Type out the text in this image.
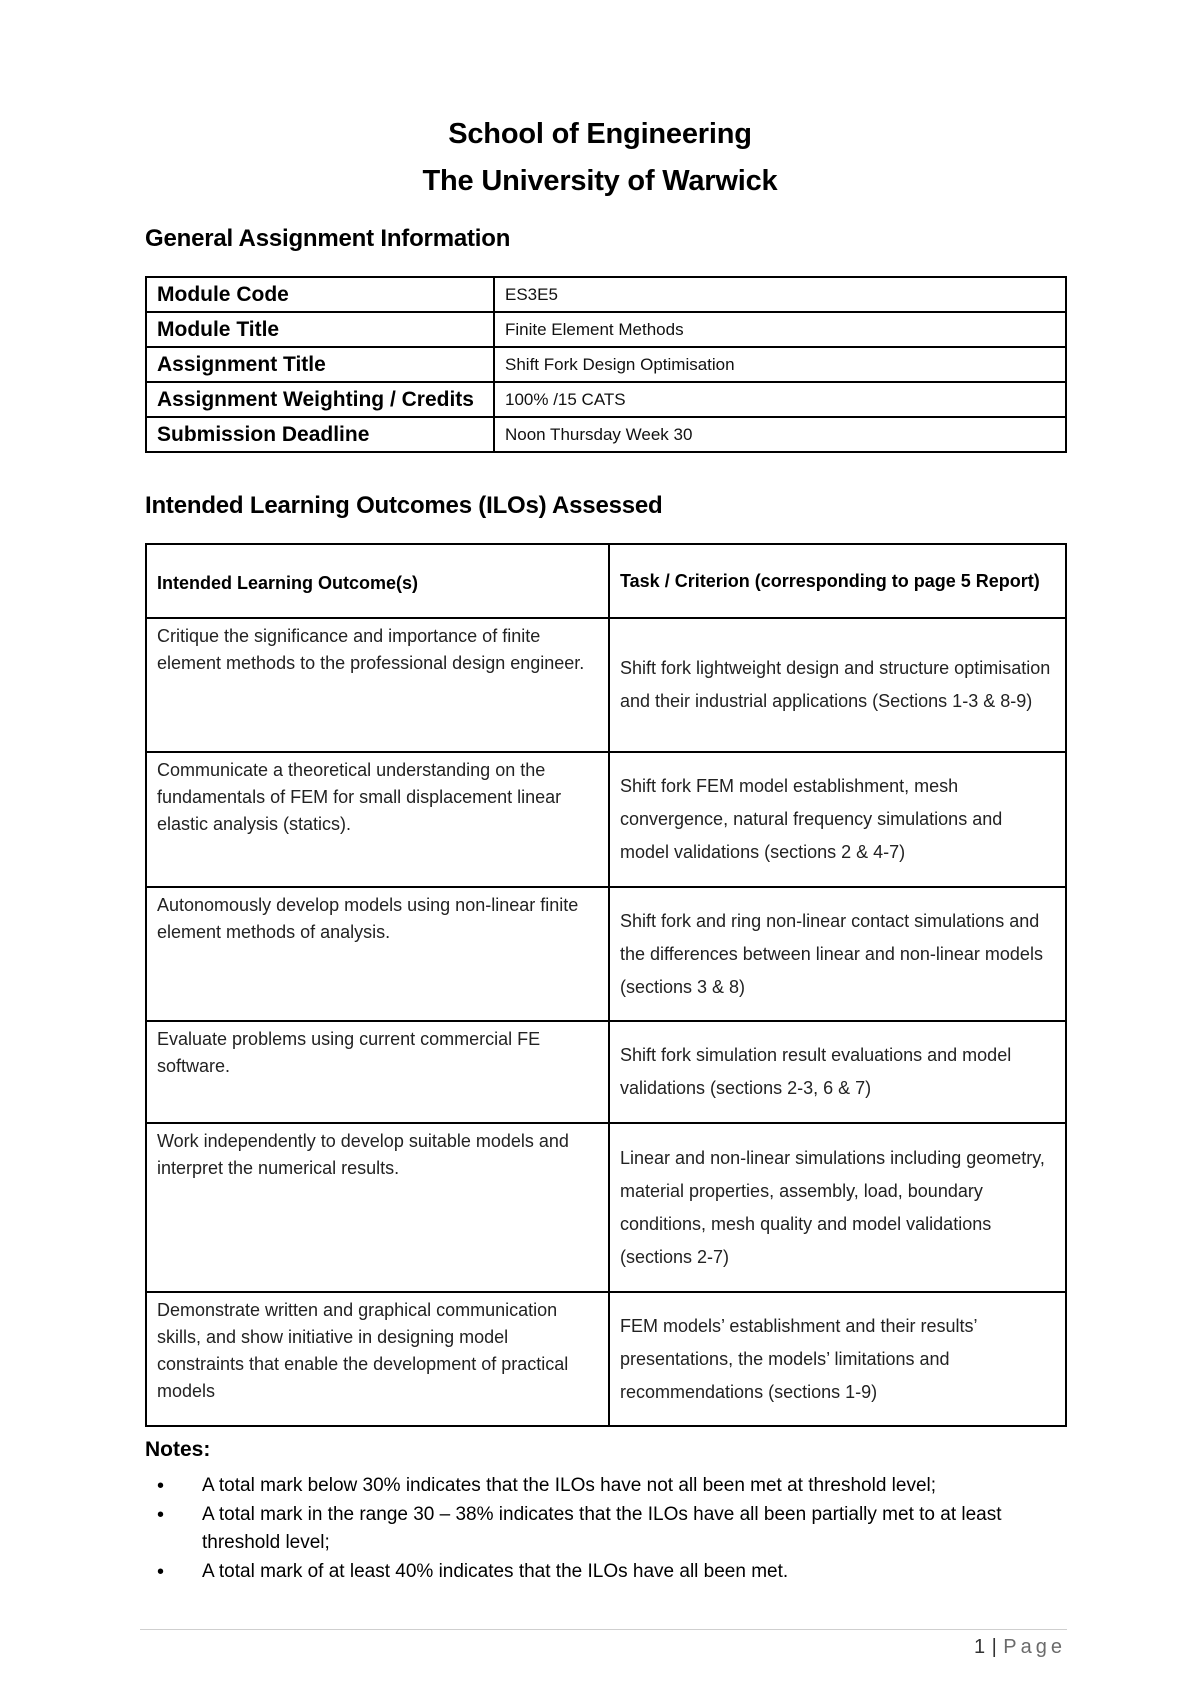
School of Engineering
The University of Warwick
General Assignment Information
Module Code	ES3E5
Module Title	Finite Element Methods
Assignment Title	Shift Fork Design Optimisation
Assignment Weighting / Credits	100% /15 CATS
Submission Deadline	Noon Thursday Week 30
Intended Learning Outcomes (ILOs) Assessed
Intended Learning Outcome(s)	Task / Criterion (corresponding to page 5 Report)
Critique the significance and importance of finite element methods to the professional design engineer.	Shift fork lightweight design and structure optimisation and their industrial applications (Sections 1-3 & 8-9)
Communicate a theoretical understanding on the fundamentals of FEM for small displacement linear elastic analysis (statics).	Shift fork FEM model establishment, mesh convergence, natural frequency simulations and model validations (sections 2 & 4-7)
Autonomously develop models using non-linear finite element methods of analysis.	Shift fork and ring non-linear contact simulations and the differences between linear and non-linear models (sections 3 & 8)
Evaluate problems using current commercial FE software.	Shift fork simulation result evaluations and model validations (sections 2-3, 6 & 7)
Work independently to develop suitable models and interpret the numerical results.	Linear and non-linear simulations including geometry, material properties, assembly, load, boundary conditions, mesh quality and model validations (sections 2-7)
Demonstrate written and graphical communication skills, and show initiative in designing model constraints that enable the development of practical models	FEM models’ establishment and their results’ presentations, the models’ limitations and recommendations (sections 1-9)
Notes:
• A total mark below 30% indicates that the ILOs have not all been met at threshold level;
• A total mark in the range 30 – 38% indicates that the ILOs have all been partially met to at least threshold level;
• A total mark of at least 40% indicates that the ILOs have all been met.
1 | Page
